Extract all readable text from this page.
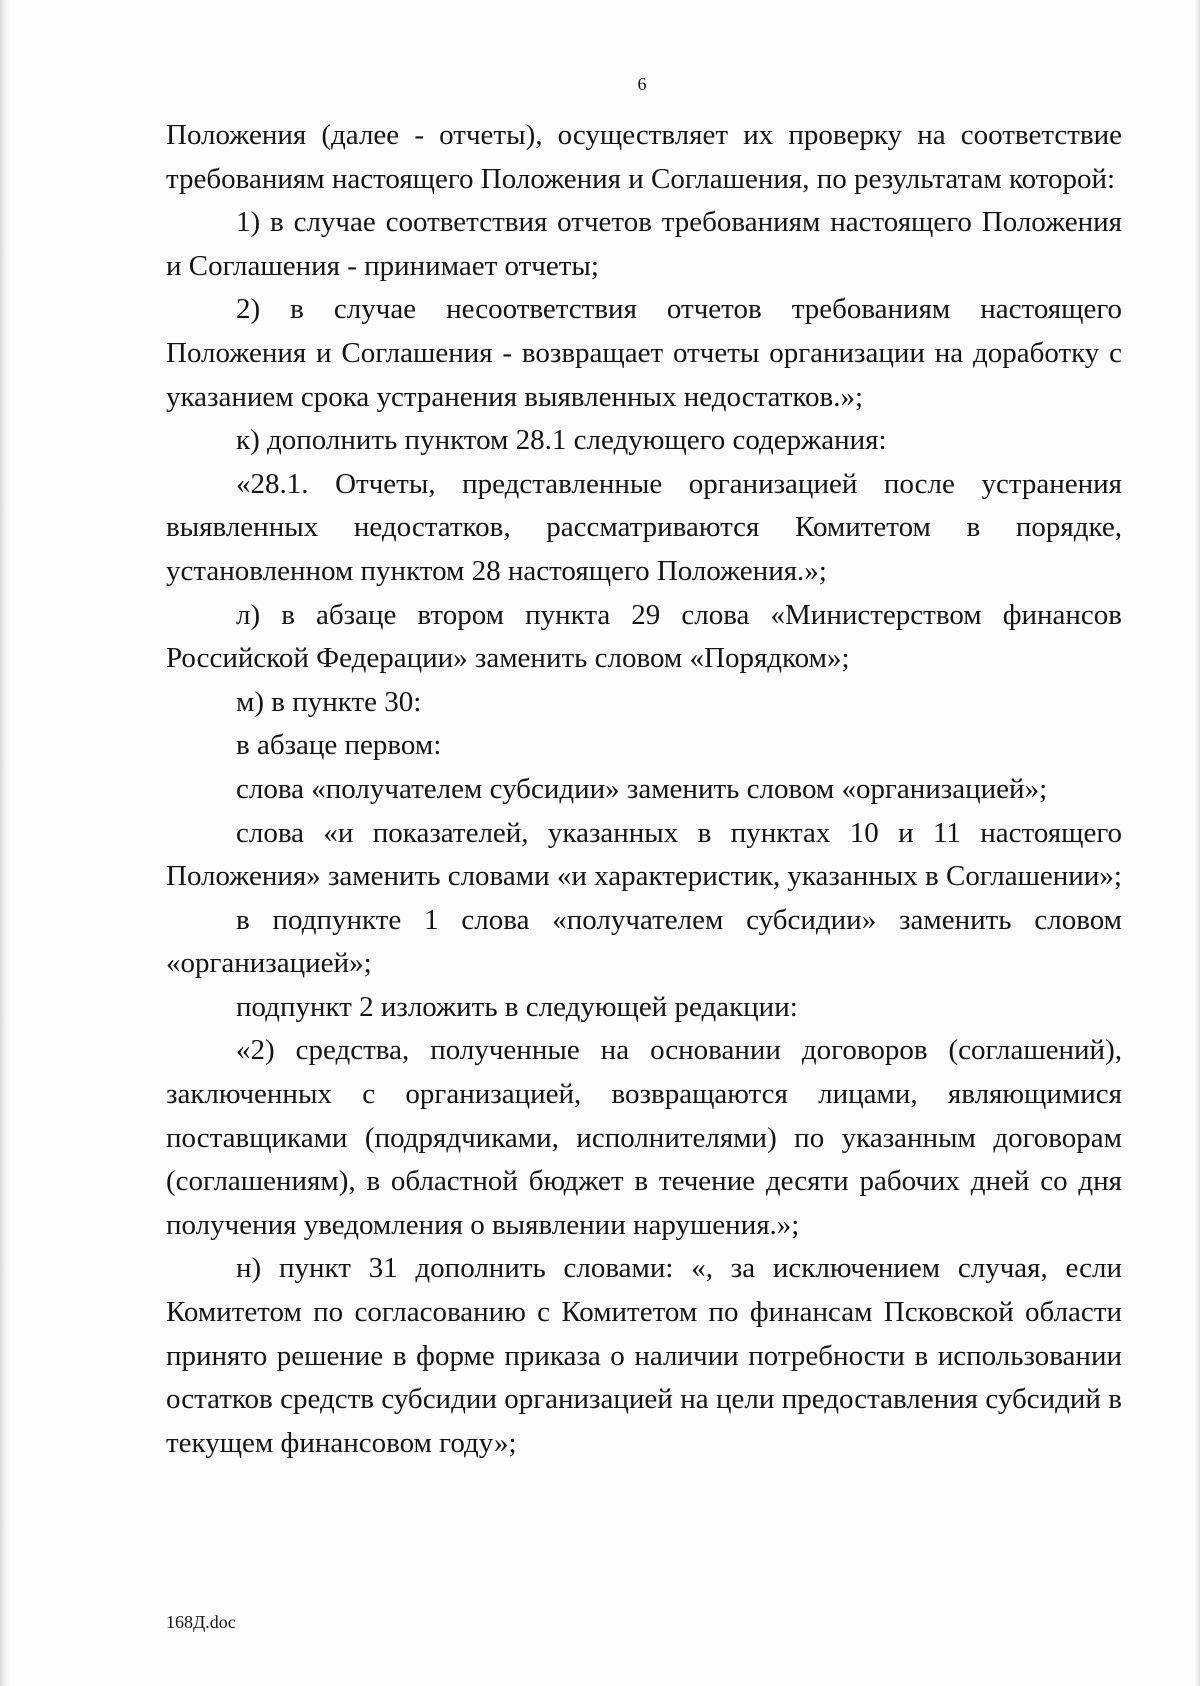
6

Положения (далее - отчеты), осуществляет их проверку на соответствие требованиям настоящего Положения и Соглашения, по результатам которой:

1) в случае соответствия отчетов требованиям настоящего Положения и Соглашения - принимает отчеты;

2) в случае несоответствия отчетов требованиям настоящего Положения и Соглашения - возвращает отчеты организации на доработку с указанием срока устранения выявленных недостатков.»;

к) дополнить пунктом 28.1 следующего содержания:

«28.1. Отчеты, представленные организацией после устранения выявленных недостатков, рассматриваются Комитетом в порядке, установленном пунктом 28 настоящего Положения.»;

л) в абзаце втором пункта 29 слова «Министерством финансов Российской Федерации» заменить словом «Порядком»;

м) в пункте 30:

в абзаце первом:

слова «получателем субсидии» заменить словом «организацией»;

слова «и показателей, указанных в пунктах 10 и 11 настоящего Положения» заменить словами «и характеристик, указанных в Соглашении»;

в подпункте 1 слова «получателем субсидии» заменить словом «организацией»;

подпункт 2 изложить в следующей редакции:

«2) средства, полученные на основании договоров (соглашений), заключенных с организацией, возвращаются лицами, являющимися поставщиками (подрядчиками, исполнителями) по указанным договорам (соглашениям), в областной бюджет в течение десяти рабочих дней со дня получения уведомления о выявлении нарушения.»;

н) пункт 31 дополнить словами: «, за исключением случая, если Комитетом по согласованию с Комитетом по финансам Псковской области принято решение в форме приказа о наличии потребности в использовании остатков средств субсидии организацией на цели предоставления субсидий в текущем финансовом году»;

168Д.doc
